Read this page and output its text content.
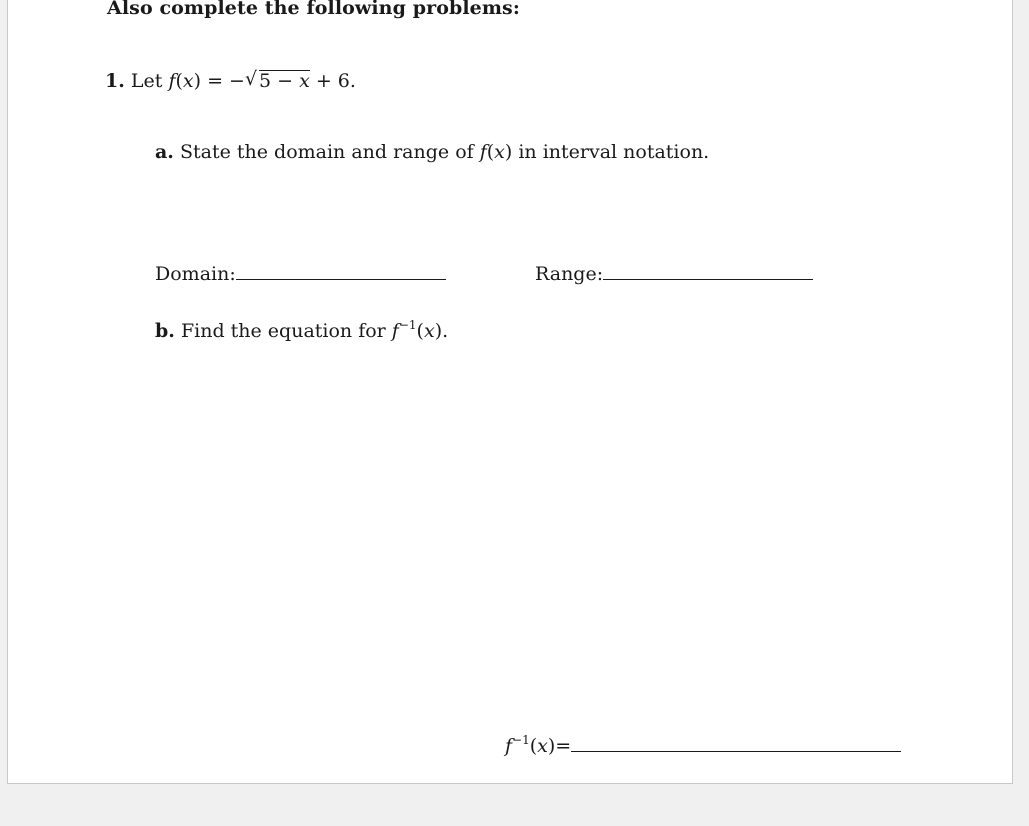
Also complete the following problems:
1. Let f(x) = −√ 5 − x + 6.
a. State the domain and range of f(x) in interval notation.
Domain:	Range:
b. Find the equation for $f^{-1}(x)$.
$f^{-1}(x)=$
